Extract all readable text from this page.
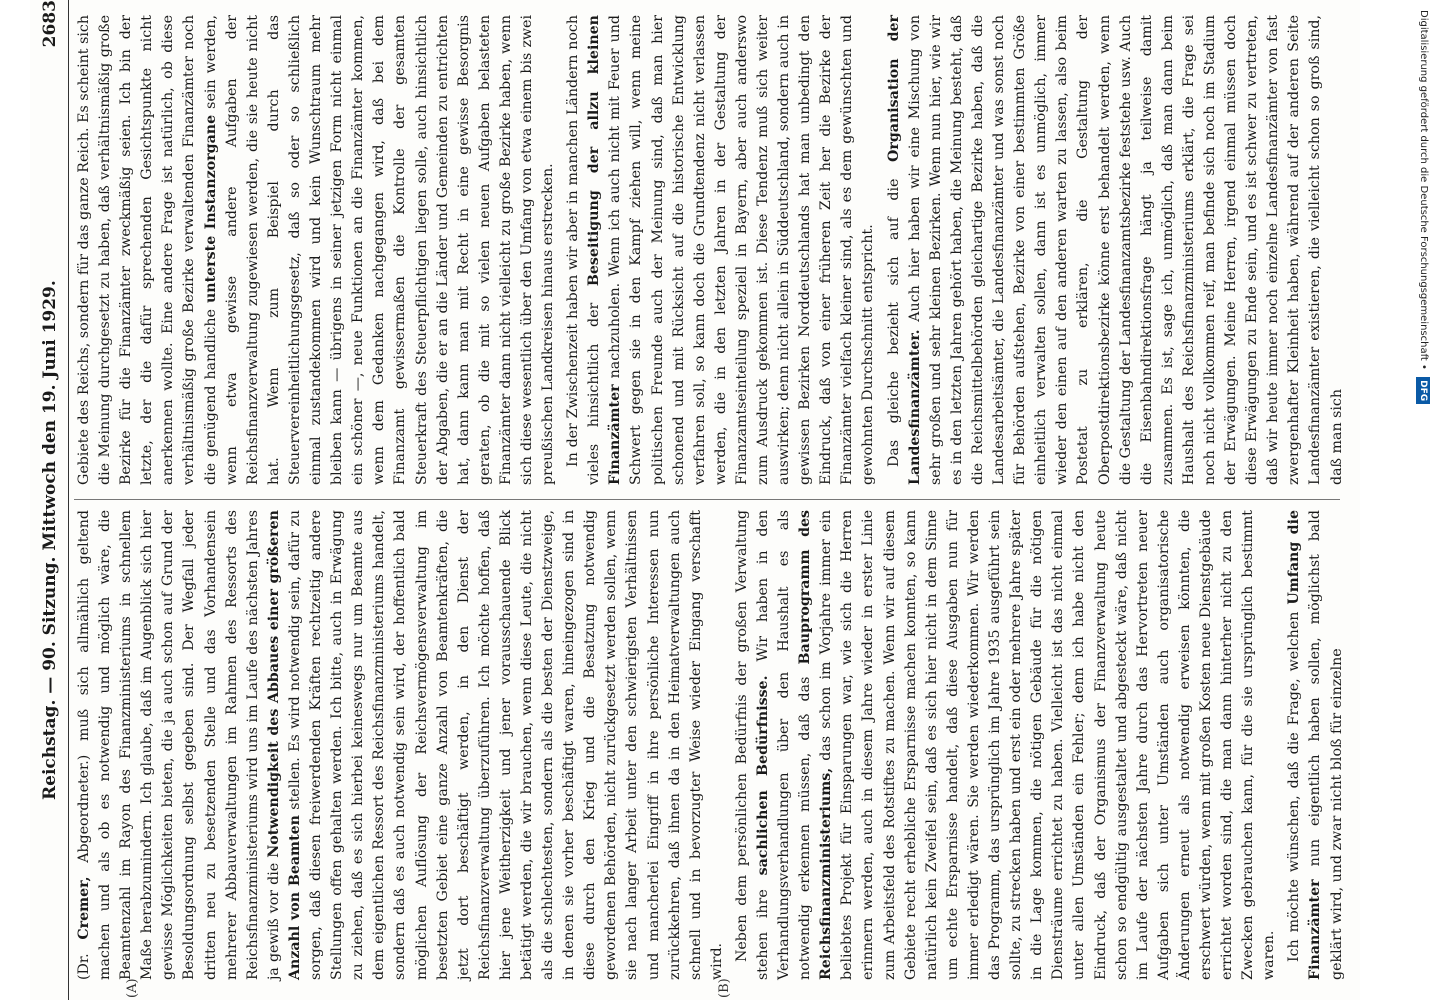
Reichstag. — 90. Sitzung. Mittwoch den 19. Juni 1929.
2683
(A)	(B)

(Dr. Cremer, Abgeordneter.) muß sich allmählich geltend machen und als ob es notwendig und möglich wäre, die Beamtenzahl im Rayon des Finanzministeriums in schnellem Maße herabzumindern. Ich glaube, daß im Augenblick sich hier gewisse Möglichkeiten bieten, die ja auch schon auf Grund der Besoldungsordnung selbst gegeben sind. Der Wegfall jeder dritten neu zu besetzenden Stelle und das Vorhandensein mehrerer Abbauverwaltungen im Rahmen des Ressorts des Reichsfinanzministeriums wird uns im Laufe des nächsten Jahres ja gewiß vor die Notwendigkeit des Abbaues einer größeren Anzahl von Beamten stellen. Es wird notwendig sein, dafür zu sorgen, daß diesen freiwerdenden Kräften rechtzeitig andere Stellungen offen gehalten werden. Ich bitte, auch in Erwägung zu ziehen, daß es sich hierbei keineswegs nur um Beamte aus dem eigentlichen Ressort des Reichsfinanzministeriums handelt, sondern daß es auch notwendig sein wird, der hoffentlich bald möglichen Auflösung der Reichsvermögensverwaltung im besetzten Gebiet eine ganze Anzahl von Beamtenkräften, die jetzt dort beschäftigt werden, in den Dienst der Reichsfinanzverwaltung überzuführen. Ich möchte hoffen, daß hier jene Weitherzigkeit und jener vorausschauende Blick betätigt werden, die wir brauchen, wenn diese Leute, die nicht als die schlechtesten, sondern als die besten der Dienstzweige, in denen sie vorher beschäftigt waren, hineingezogen sind in diese durch den Krieg und die Besatzung notwendig gewordenen Behörden, nicht zurückgesetzt werden sollen, wenn sie nach langer Arbeit unter den schwierigsten Verhältnissen und mancherlei Eingriff in ihre persönliche Interessen nun zurückkehren, daß ihnen da in den Heimatverwaltungen auch schnell und in bevorzugter Weise wieder Eingang verschafft wird. Neben dem persönlichen Bedürfnis der großen Verwaltung stehen ihre sachlichen Bedürfnisse. Wir haben in den Verhandlungsverhandlungen über den Haushalt es als notwendig erkennen müssen, daß das Bauprogramm des Reichsfinanzministeriums, das schon im Vorjahre immer ein beliebtes Projekt für Einsparungen war, wie sich die Herren erinnern werden, auch in diesem Jahre wieder in erster Linie zum Arbeitsfeld des Rotstiftes zu machen. Wenn wir auf diesem Gebiete recht erhebliche Ersparnisse machen konnten, so kann natürlich kein Zweifel sein, daß es sich hier nicht in dem Sinne um echte Ersparnisse handelt, daß diese Ausgaben nun für immer erledigt wären. Sie werden wiederkommen. Wir werden das Programm, das ursprünglich im Jahre 1935 ausgeführt sein sollte, zu strecken haben und erst ein oder mehrere Jahre später in die Lage kommen, die nötigen Gebäude für die nötigen Diensträume errichtet zu haben. Vielleicht ist das nicht einmal unter allen Umständen ein Fehler; denn ich habe nicht den Eindruck, daß der Organismus der Finanzverwaltung heute schon so endgültig ausgestaltet und abgesteckt wäre, daß nicht im Laufe der nächsten Jahre durch das Hervortreten neuer Aufgaben sich unter Umständen auch organisatorische Änderungen erneut als notwendig erweisen könnten, die erschwert würden, wenn mit großen Kosten neue Dienstgebäude errichtet worden sind, die man dann hinterher nicht zu den Zwecken gebrauchen kann, für die sie ursprünglich bestimmt waren. Ich möchte wünschen, daß die Frage, welchen Umfang die Finanzämter nun eigentlich haben sollen, möglichst bald geklärt wird, und zwar nicht bloß für einzelne

Gebiete des Reichs, sondern für das ganze Reich. Es scheint sich die Meinung durchgesetzt zu haben, daß verhältnismäßig große Bezirke für die Finanzämter zweckmäßig seien. Ich bin der letzte, der die dafür sprechenden Gesichtspunkte nicht anerkennen wollte. Eine andere Frage ist natürlich, ob diese verhältnismäßig große Bezirke verwaltenden Finanzämter noch die genügend handliche unterste Instanzorgane sein werden, wenn etwa gewisse andere Aufgaben der Reichsfinanzverwaltung zugewiesen werden, die sie heute nicht hat. Wenn zum Beispiel durch das Steuervereinheitlichungsgesetz, daß so oder so schließlich einmal zustandekommen wird und kein Wunschtraum mehr bleiben kann — übrigens in seiner jetzigen Form nicht einmal ein schöner —, neue Funktionen an die Finanzämter kommen, wenn dem Gedanken nachgegangen wird, daß bei dem Finanzamt gewissermaßen die Kontrolle der gesamten Steuerkraft des Steuerpflichtigen liegen solle, auch hinsichtlich der Abgaben, die er an die Länder und Gemeinden zu entrichten hat, dann kann man mit Recht in eine gewisse Besorgnis geraten, ob die mit so vielen neuen Aufgaben belasteten Finanzämter dann nicht vielleicht zu große Bezirke haben, wenn sich diese wesentlich über den Umfang von etwa einem bis zwei preußischen Landkreisen hinaus erstrecken. In der Zwischenzeit haben wir aber in manchen Ländern noch vieles hinsichtlich der Beseitigung der allzu kleinen Finanzämter nachzuholen. Wenn ich auch nicht mit Feuer und Schwert gegen sie in den Kampf ziehen will, wenn meine politischen Freunde auch der Meinung sind, daß man hier schonend und mit Rücksicht auf die historische Entwicklung verfahren soll, so kann doch die Grundtendenz nicht verlassen werden, die in den letzten Jahren in der Gestaltung der Finanzamtseinteilung speziell in Bayern, aber auch anderswo zum Ausdruck gekommen ist. Diese Tendenz muß sich weiter auswirken; denn nicht allein in Süddeutschland, sondern auch in gewissen Bezirken Norddeutschlands hat man unbedingt den Eindruck, daß von einer früheren Zeit her die Bezirke der Finanzämter vielfach kleiner sind, als es dem gewünschten und gewohnten Durchschnitt entspricht. Das gleiche bezieht sich auf die Organisation der Landesfinanzämter. Auch hier haben wir eine Mischung von sehr großen und sehr kleinen Bezirken. Wenn nun hier, wie wir es in den letzten Jahren gehört haben, die Meinung besteht, daß die Reichsmittelbehörden gleichartige Bezirke haben, daß die Landesarbeitsämter, die Landesfinanzämter und was sonst noch für Behörden aufstehen, Bezirke von einer bestimmten Größe einheitlich verwalten sollen, dann ist es unmöglich, immer wieder den einen auf den anderen warten zu lassen, also beim Postetat zu erklären, die Gestaltung der Oberpostdirektionsbezirke könne erst behandelt werden, wenn die Gestaltung der Landesfinanzamtsbezirke feststehe usw. Auch die Eisenbahndirektionsfrage hängt ja teilweise damit zusammen. Es ist, sage ich, unmöglich, daß man dann beim Haushalt des Reichsfinanzministeriums erklärt, die Frage sei noch nicht vollkommen reif, man befinde sich noch im Stadium der Erwägungen. Meine Herren, irgend einmal müssen doch diese Erwägungen zu Ende sein, und es ist schwer zu vertreten, daß wir heute immer noch einzelne Landesfinanzämter von fast zwergenhafter Kleinheit haben, während auf der anderen Seite Landesfinanzämter existieren, die vielleicht schon so groß sind, daß man sich

Digitalisierung gefördert durch die Deutsche Forschungsgemeinschaft • DFG
